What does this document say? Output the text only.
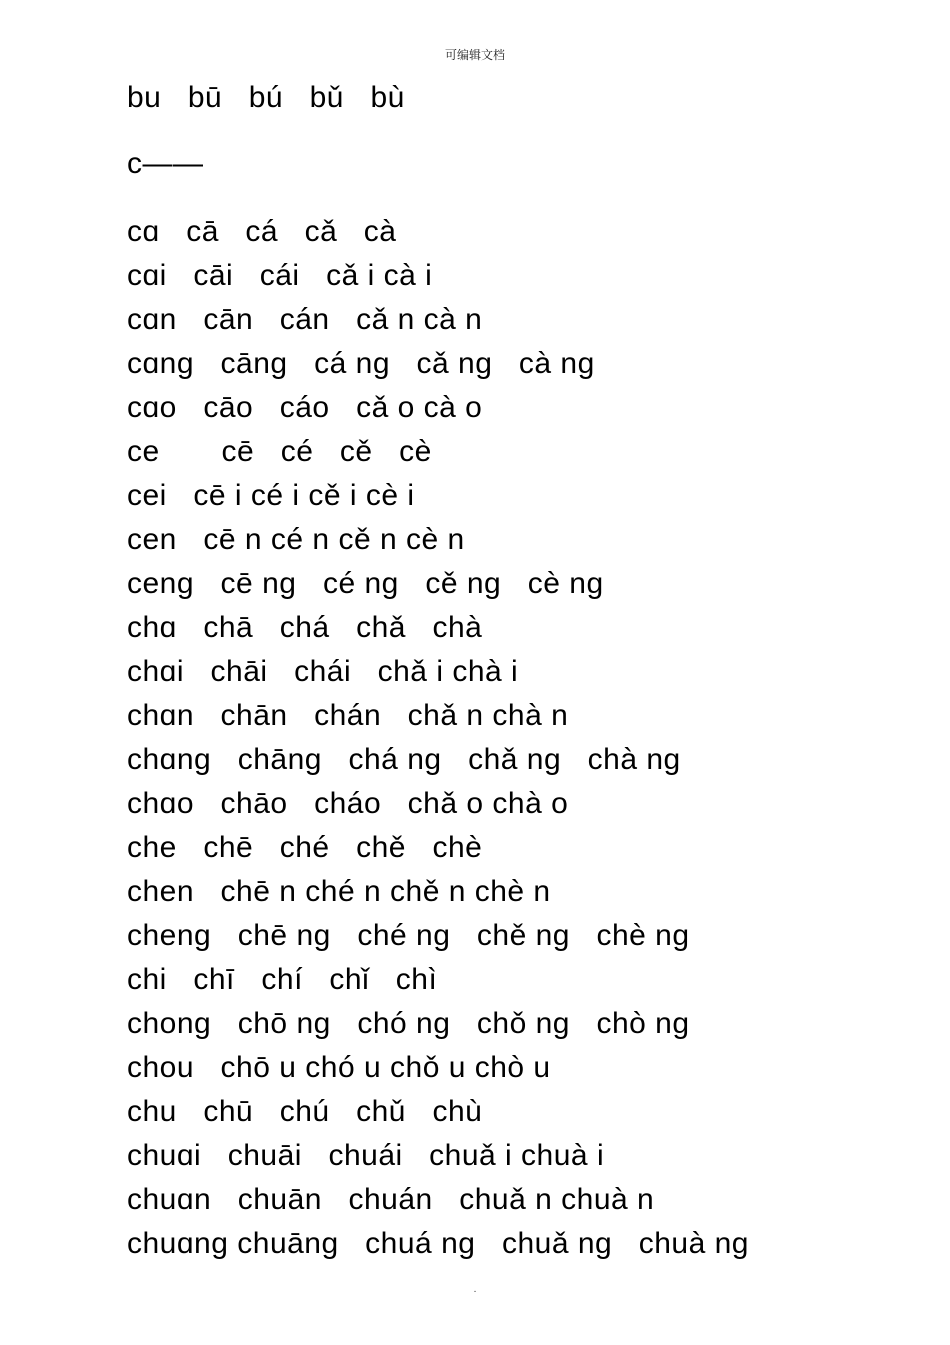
可编辑文档
bu   bū   bú   bǔ   bù
c——
cɑ   cā   cá   cǎ   cà
cɑi   cāi   cái   cǎ i cà i
cɑn   cān   cán   cǎ n cà n
cɑng   cāng   cá ng   cǎ ng   cà ng
cɑo   cāo   cáo   cǎ o cà o
ce       cē   cé   cě   cè
cei   cē i cé i cě i cè i
cen   cē n cé n cě n cè n
ceng   cē ng   cé ng   cě ng   cè ng
chɑ   chā   chá   chǎ   chà
chɑi   chāi   chái   chǎ i chà i
chɑn   chān   chán   chǎ n chà n
chɑng   chāng   chá ng   chǎ ng   chà ng
chɑo   chāo   cháo   chǎ o chà o
che   chē   ché   chě   chè
chen   chē n ché n chě n chè n
cheng   chē ng   ché ng   chě ng   chè ng
chi   chī   chí   chǐ   chì
chong   chō ng   chó ng   chǒ ng   chò ng
chou   chō u chó u chǒ u chò u
chu   chū   chú   chǔ   chù
chuɑi   chuāi   chuái   chuǎ i chuà i
chuɑn   chuān   chuán   chuǎ n chuà n
chuɑng chuāng   chuá ng   chuǎ ng   chuà ng
.
